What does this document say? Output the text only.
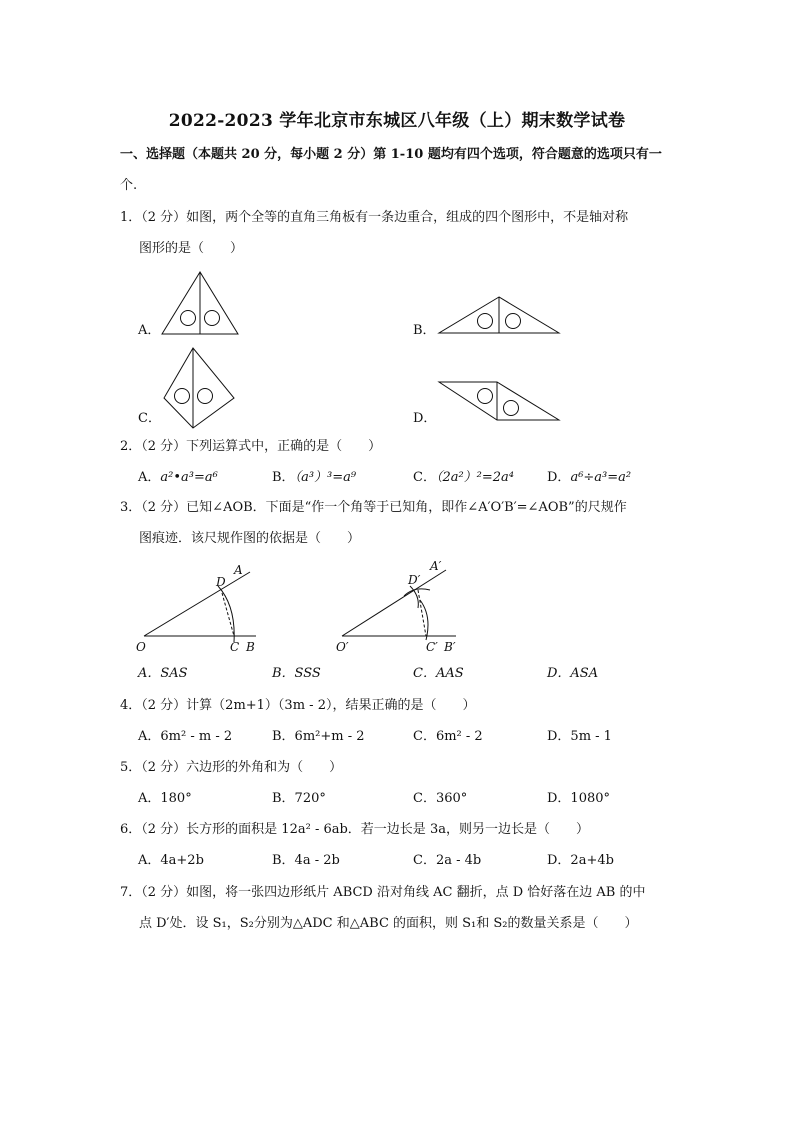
2022-2023 学年北京市东城区八年级（上）期末数学试卷
一、选择题（本题共 20 分，每小题 2 分）第 1-10 题均有四个选项，符合题意的选项只有一
个.
1．（2 分）如图，两个全等的直角三角板有一条边重合，组成的四个图形中，不是轴对称
图形的是（　　）
A．	B．
C．	D．
2．（2 分）下列运算式中，正确的是（　　）
A．a²•a³=a⁶	B．（a³）³=a⁹	C．（2a²）²=2a⁴	D．a⁶÷a³=a²
3．（2 分）已知∠AOB．下面是“作一个角等于已知角，即作∠A′O′B′=∠AOB”的尺规作
图痕迹．该尺规作图的依据是（　　）
O	C B
D
A
O′	C′ B′
D′
A′
A．SAS	B．SSS	C．AAS	D．ASA
4．（2 分）计算（2m+1）（3m - 2），结果正确的是（　　）
A．6m² - m - 2	B．6m²+m - 2	C．6m² - 2	D．5m - 1
5．（2 分）六边形的外角和为（　　）
A．180°	B．720°	C．360°	D．1080°
6．（2 分）长方形的面积是 12a² - 6ab．若一边长是 3a，则另一边长是（　　）
A．4a+2b	B．4a - 2b	C．2a - 4b	D．2a+4b
7．（2 分）如图，将一张四边形纸片 ABCD 沿对角线 AC 翻折，点 D 恰好落在边 AB 的中
点 D′处．设 S₁，S₂分别为△ADC 和△ABC 的面积，则 S₁和 S₂的数量关系是（　　）
